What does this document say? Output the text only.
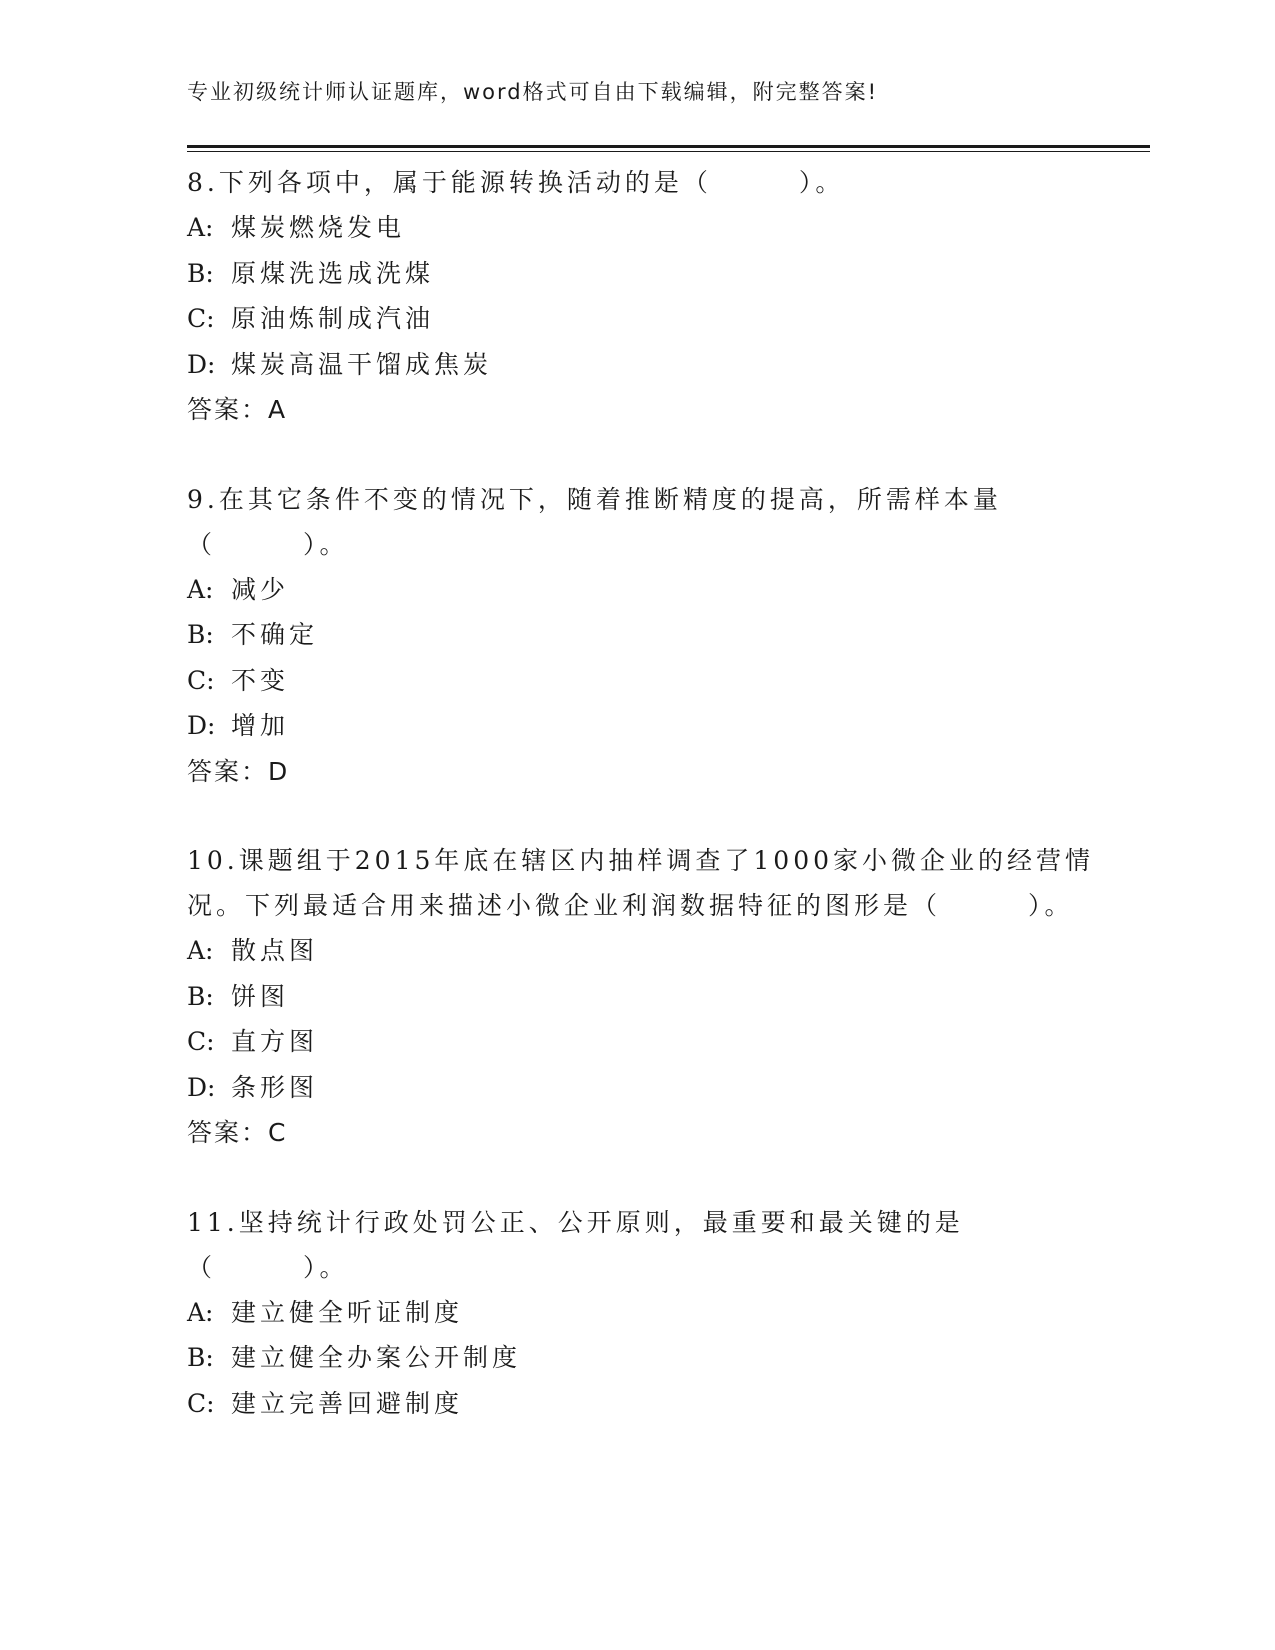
专业初级统计师认证题库，word格式可自由下载编辑，附完整答案!

8.下列各项中，属于能源转换活动的是（　　　）。

A: 煤炭燃烧发电

B: 原煤洗选成洗煤

C: 原油炼制成汽油

D: 煤炭高温干馏成焦炭

答案：A

9.在其它条件不变的情况下，随着推断精度的提高，所需样本量（　　　）。

A: 减少

B: 不确定

C: 不变

D: 增加

答案：D

10.课题组于2015年底在辖区内抽样调查了1000家小微企业的经营情况。下列最适合用来描述小微企业利润数据特征的图形是（　　　）。

A: 散点图

B: 饼图

C: 直方图

D: 条形图

答案：C

11.坚持统计行政处罚公正、公开原则，最重要和最关键的是（　　　）。

A: 建立健全听证制度

B: 建立健全办案公开制度

C: 建立完善回避制度
